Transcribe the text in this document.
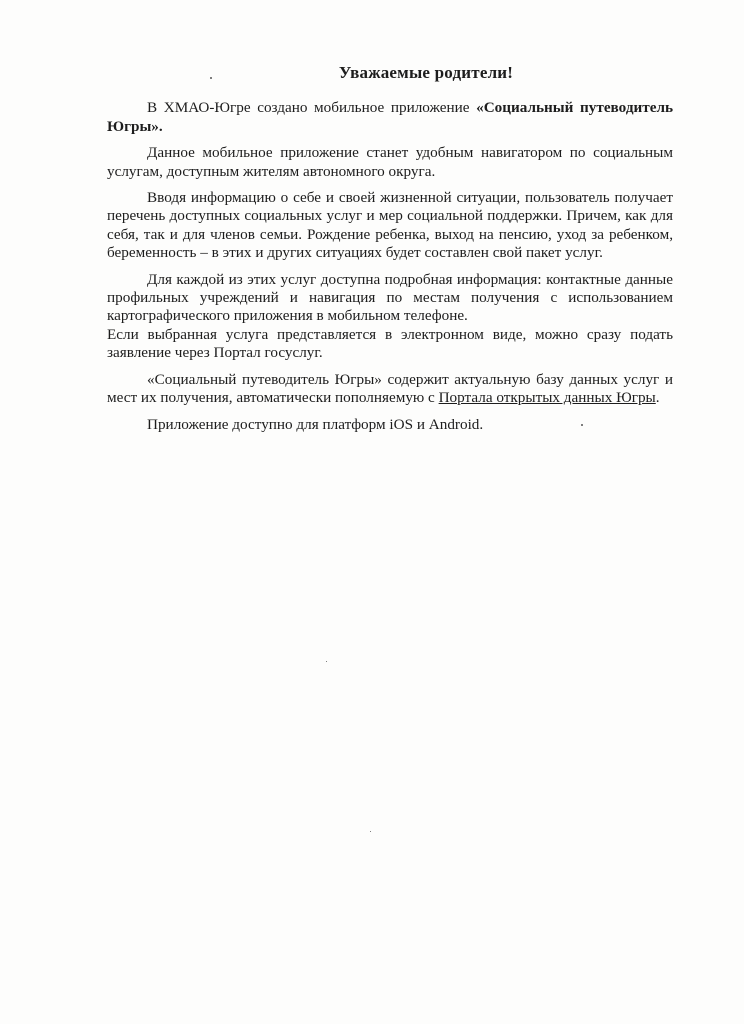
Уважаемые родители!

В ХМАО-Югре создано мобильное приложение «Социальный путеводитель Югры».

Данное мобильное приложение станет удобным навигатором по социальным услугам, доступным жителям автономного округа.

Вводя информацию о себе и своей жизненной ситуации, пользователь получает перечень доступных социальных услуг и мер социальной поддержки. Причем, как для себя, так и для членов семьи. Рождение ребенка, выход на пенсию, уход за ребенком, беременность – в этих и других ситуациях будет составлен свой пакет услуг.

Для каждой из этих услуг доступна подробная информация: контактные данные профильных учреждений и навигация по местам получения с использованием картографического приложения в мобильном телефоне.

Если выбранная услуга представляется в электронном виде, можно сразу подать заявление через Портал госуслуг.

«Социальный путеводитель Югры» содержит актуальную базу данных услуг и мест их получения, автоматически пополняемую с Портала открытых данных Югры.

Приложение доступно для платформ iOS и Android.
